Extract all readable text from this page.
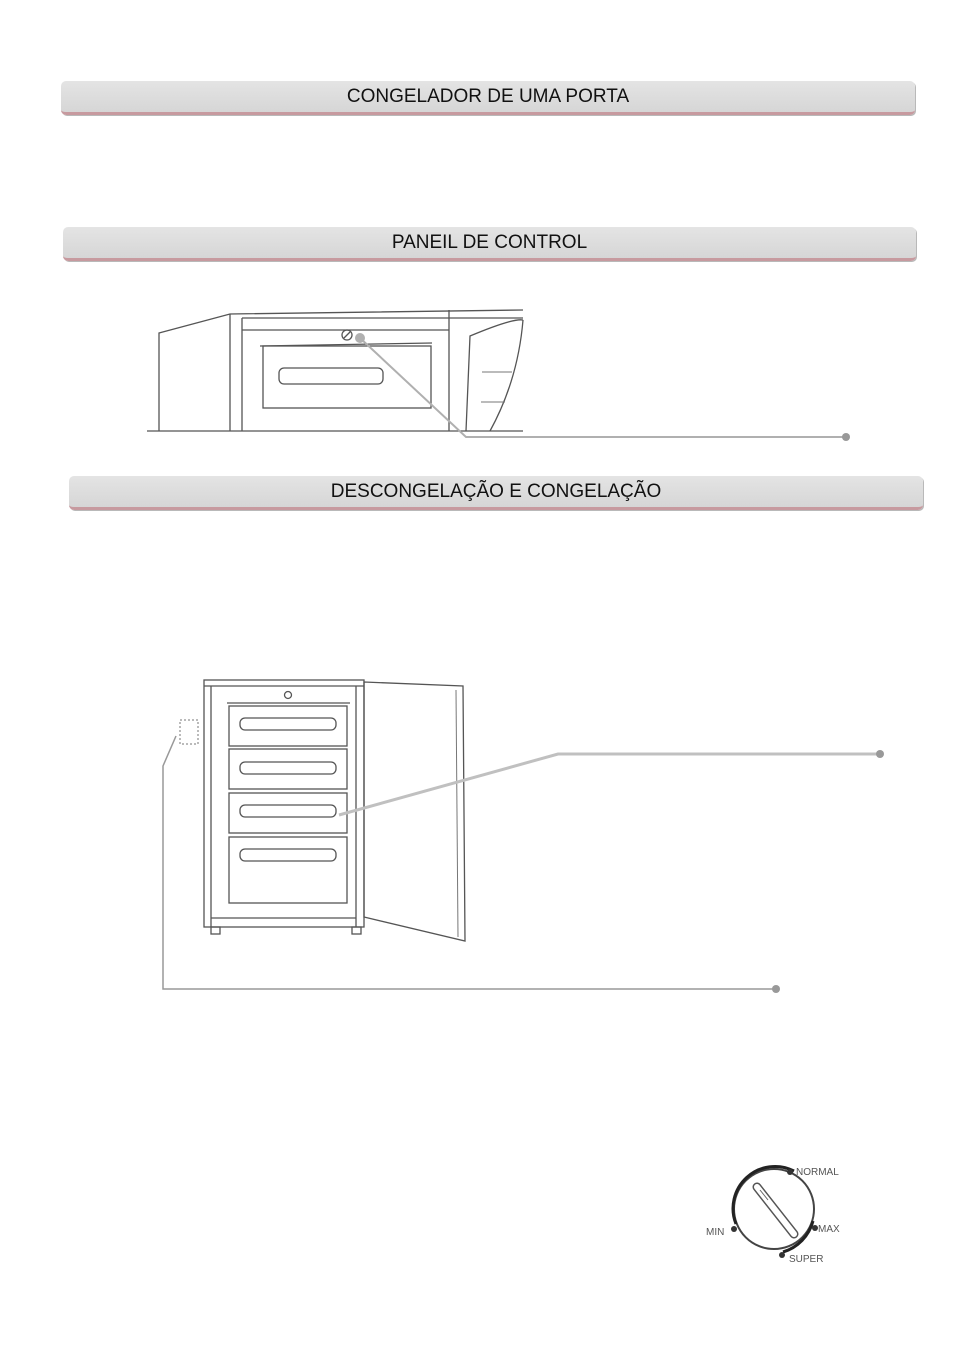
CONGELADOR DE UMA PORTA
PANEIL DE CONTROL
DESCONGELAÇÃO E CONGELAÇÃO
NORMAL
MIN	MAX
SUPER
